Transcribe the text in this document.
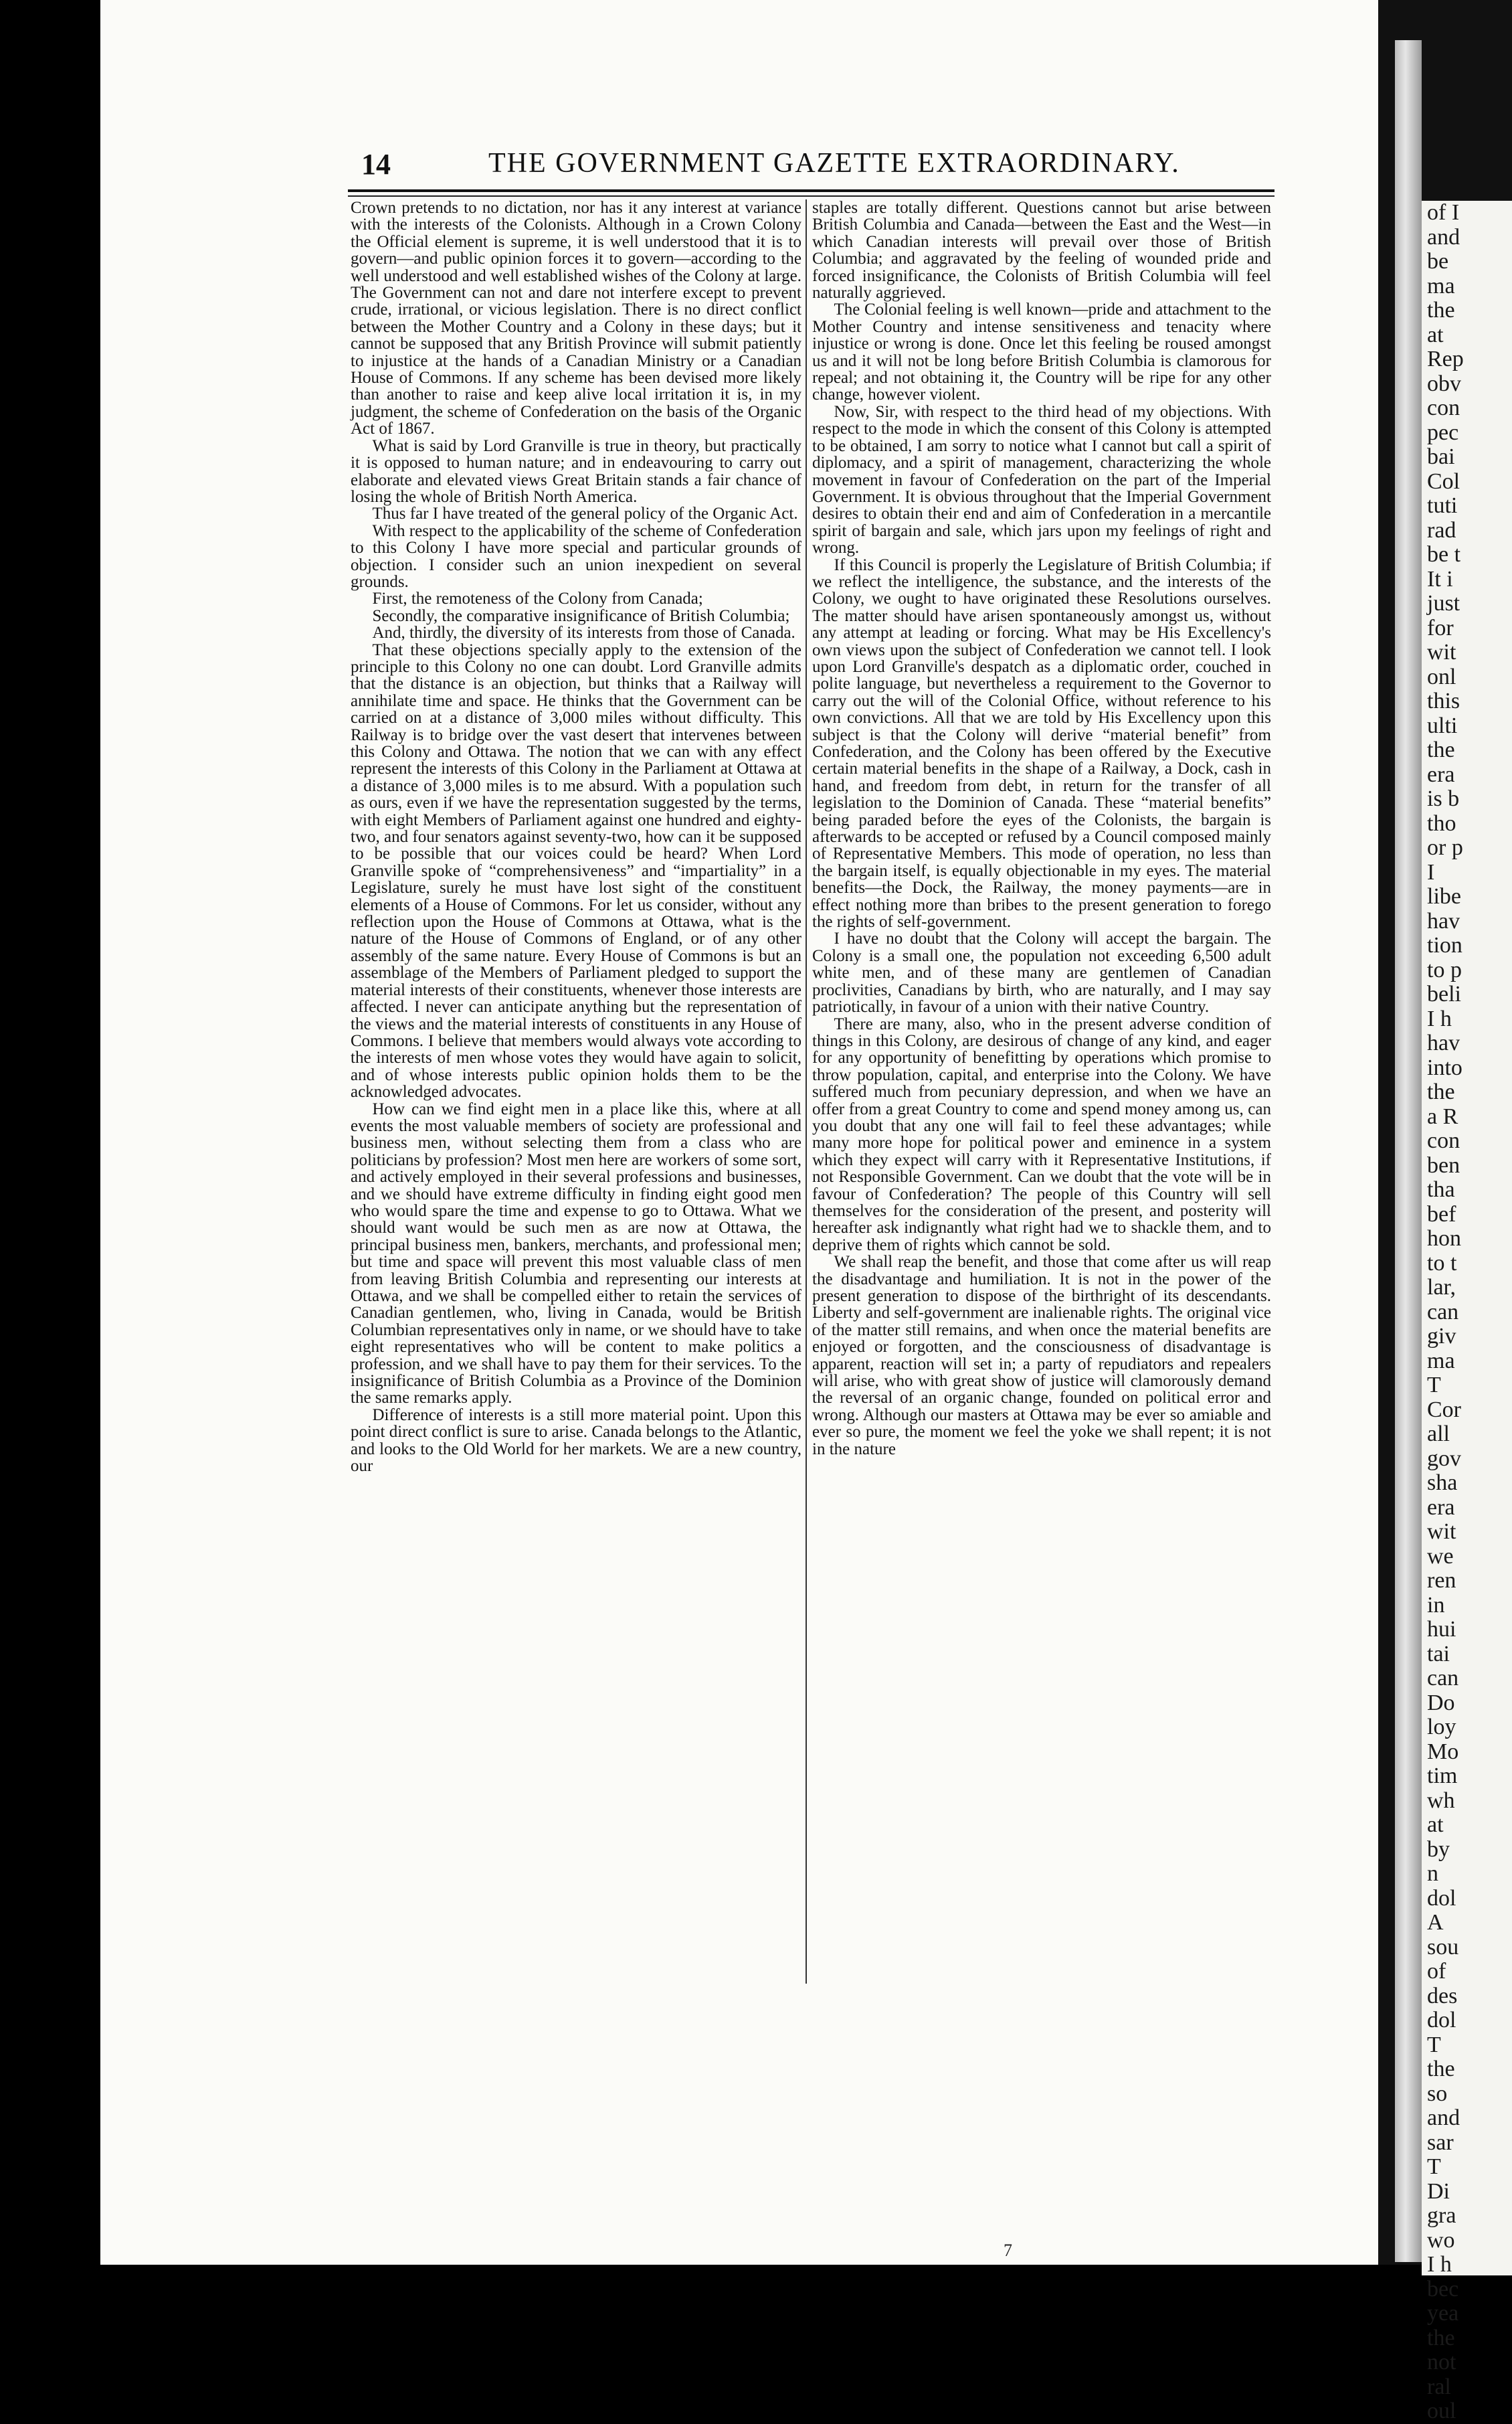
14	THE GOVERNMENT GAZETTE EXTRAORDINARY.

Crown pretends to no dictation, nor has it any interest at variance with the interests of the Colonists. Although in a Crown Colony the Official element is supreme, it is well understood that it is to govern—and public opinion forces it to govern—according to the well understood and well established wishes of the Colony at large. The Government can not and dare not interfere except to prevent crude, irrational, or vicious legislation. There is no direct conflict between the Mother Country and a Colony in these days; but it cannot be supposed that any British Province will submit patiently to injustice at the hands of a Canadian Ministry or a Canadian House of Commons. If any scheme has been devised more likely than another to raise and keep alive local irritation it is, in my judgment, the scheme of Confederation on the basis of the Organic Act of 1867.

What is said by Lord Granville is true in theory, but practically it is opposed to human nature; and in endeavouring to carry out elaborate and elevated views Great Britain stands a fair chance of losing the whole of British North America.

Thus far I have treated of the general policy of the Organic Act.

With respect to the applicability of the scheme of Confederation to this Colony I have more special and particular grounds of objection. I consider such an union inexpedient on several grounds.

First, the remoteness of the Colony from Canada;

Secondly, the comparative insignificance of British Columbia;

And, thirdly, the diversity of its interests from those of Canada.

That these objections specially apply to the extension of the principle to this Colony no one can doubt. Lord Granville admits that the distance is an objection, but thinks that a Railway will annihilate time and space. He thinks that the Government can be carried on at a distance of 3,000 miles without difficulty. This Railway is to bridge over the vast desert that intervenes between this Colony and Ottawa. The notion that we can with any effect represent the interests of this Colony in the Parliament at Ottawa at a distance of 3,000 miles is to me absurd. With a population such as ours, even if we have the representation suggested by the terms, with eight Members of Parliament against one hundred and eighty-two, and four senators against seventy-two, how can it be supposed to be possible that our voices could be heard? When Lord Granville spoke of “comprehensiveness” and “impartiality” in a Legislature, surely he must have lost sight of the constituent elements of a House of Commons. For let us consider, without any reflection upon the House of Commons at Ottawa, what is the nature of the House of Commons of England, or of any other assembly of the same nature. Every House of Commons is but an assemblage of the Members of Parliament pledged to support the material interests of their constituents, whenever those interests are affected. I never can anticipate anything but the representation of the views and the material interests of constituents in any House of Commons. I believe that members would always vote according to the interests of men whose votes they would have again to solicit, and of whose interests public opinion holds them to be the acknowledged advocates.

How can we find eight men in a place like this, where at all events the most valuable members of society are professional and business men, without selecting them from a class who are politicians by profession? Most men here are workers of some sort, and actively employed in their several professions and businesses, and we should have extreme difficulty in finding eight good men who would spare the time and expense to go to Ottawa. What we should want would be such men as are now at Ottawa, the principal business men, bankers, merchants, and professional men; but time and space will prevent this most valuable class of men from leaving British Columbia and representing our interests at Ottawa, and we shall be compelled either to retain the services of Canadian gentlemen, who, living in Canada, would be British Columbian representatives only in name, or we should have to take eight representatives who will be content to make politics a profession, and we shall have to pay them for their services. To the insignificance of British Columbia as a Province of the Dominion the same remarks apply.

Difference of interests is a still more material point. Upon this point direct conflict is sure to arise. Canada belongs to the Atlantic, and looks to the Old World for her markets. We are a new country, our

staples are totally different. Questions cannot but arise between British Columbia and Canada—between the East and the West—in which Canadian interests will prevail over those of British Columbia; and aggravated by the feeling of wounded pride and forced insignificance, the Colonists of British Columbia will feel naturally aggrieved.

The Colonial feeling is well known—pride and attachment to the Mother Country and intense sensitiveness and tenacity where injustice or wrong is done. Once let this feeling be roused amongst us and it will not be long before British Columbia is clamorous for repeal; and not obtaining it, the Country will be ripe for any other change, however violent.

Now, Sir, with respect to the third head of my objections. With respect to the mode in which the consent of this Colony is attempted to be obtained, I am sorry to notice what I cannot but call a spirit of diplomacy, and a spirit of management, characterizing the whole movement in favour of Confederation on the part of the Imperial Government. It is obvious throughout that the Imperial Government desires to obtain their end and aim of Confederation in a mercantile spirit of bargain and sale, which jars upon my feelings of right and wrong.

If this Council is properly the Legislature of British Columbia; if we reflect the intelligence, the substance, and the interests of the Colony, we ought to have originated these Resolutions ourselves. The matter should have arisen spontaneously amongst us, without any attempt at leading or forcing. What may be His Excellency's own views upon the subject of Confederation we cannot tell. I look upon Lord Granville's despatch as a diplomatic order, couched in polite language, but nevertheless a requirement to the Governor to carry out the will of the Colonial Office, without reference to his own convictions. All that we are told by His Excellency upon this subject is that the Colony will derive “material benefit” from Confederation, and the Colony has been offered by the Executive certain material benefits in the shape of a Railway, a Dock, cash in hand, and freedom from debt, in return for the transfer of all legislation to the Dominion of Canada. These “material benefits” being paraded before the eyes of the Colonists, the bargain is afterwards to be accepted or refused by a Council composed mainly of Representative Members. This mode of operation, no less than the bargain itself, is equally objectionable in my eyes. The material benefits—the Dock, the Railway, the money payments—are in effect nothing more than bribes to the present generation to forego the rights of self-government.

I have no doubt that the Colony will accept the bargain. The Colony is a small one, the population not exceeding 6,500 adult white men, and of these many are gentlemen of Canadian proclivities, Canadians by birth, who are naturally, and I may say patriotically, in favour of a union with their native Country.

There are many, also, who in the present adverse condition of things in this Colony, are desirous of change of any kind, and eager for any opportunity of benefitting by operations which promise to throw population, capital, and enterprise into the Colony. We have suffered much from pecuniary depression, and when we have an offer from a great Country to come and spend money among us, can you doubt that any one will fail to feel these advantages; while many more hope for political power and eminence in a system which they expect will carry with it Representative Institutions, if not Responsible Government. Can we doubt that the vote will be in favour of Confederation? The people of this Country will sell themselves for the consideration of the present, and posterity will hereafter ask indignantly what right had we to shackle them, and to deprive them of rights which cannot be sold.

We shall reap the benefit, and those that come after us will reap the disadvantage and humiliation. It is not in the power of the present generation to dispose of the birthright of its descendants. Liberty and self-government are inalienable rights. The original vice of the matter still remains, and when once the material benefits are enjoyed or forgotten, and the consciousness of disadvantage is apparent, reaction will set in; a party of repudiators and repealers will arise, who with great show of justice will clamorously demand the reversal of an organic change, founded on political error and wrong. Although our masters at Ottawa may be ever so amiable and ever so pure, the moment we feel the yoke we shall repent; it is not in the nature

of I
and
be
ma
the
at
Rep
obv
con
pec
bai
Col
tuti
rad
be t
It i
just
for
wit
onl
this
ulti
the
era
is b
tho
or p
I
libe
hav
tion
to p
beli
I h
hav
into
the
a R
con
ben
tha
bef
hon
to t
lar,
can
giv
ma
T
Cor
all
gov
sha
era
wit
we
ren
in
hui
tai
can
Do
loy
Mo
tim
wh
at
by
n
dol
A
sou
of
des
dol
T
the
so
and
sar
T
Di
gra
wo
I h
bec
yea
the
not
ral
oul
7
